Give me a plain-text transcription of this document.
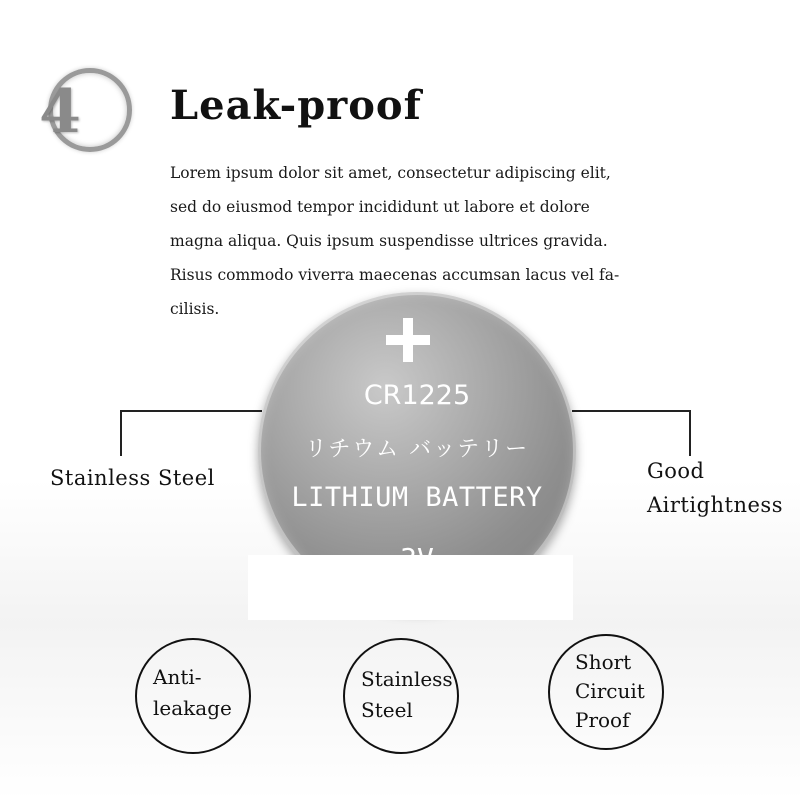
4 Leak-proof
Lorem ipsum dolor sit amet, consectetur adipiscing elit,
sed do eiusmod tempor incididunt ut labore et dolore
magna aliqua. Quis ipsum suspendisse ultrices gravida.
Risus commodo viverra maecenas accumsan lacus vel fa-
cilisis.
Stainless Steel	Good
Airtightness
CR1225
リチウム バッテリー
LITHIUM BATTERY
Anti-
leakage
Stainless
Steel
Short
Circuit
Proof
